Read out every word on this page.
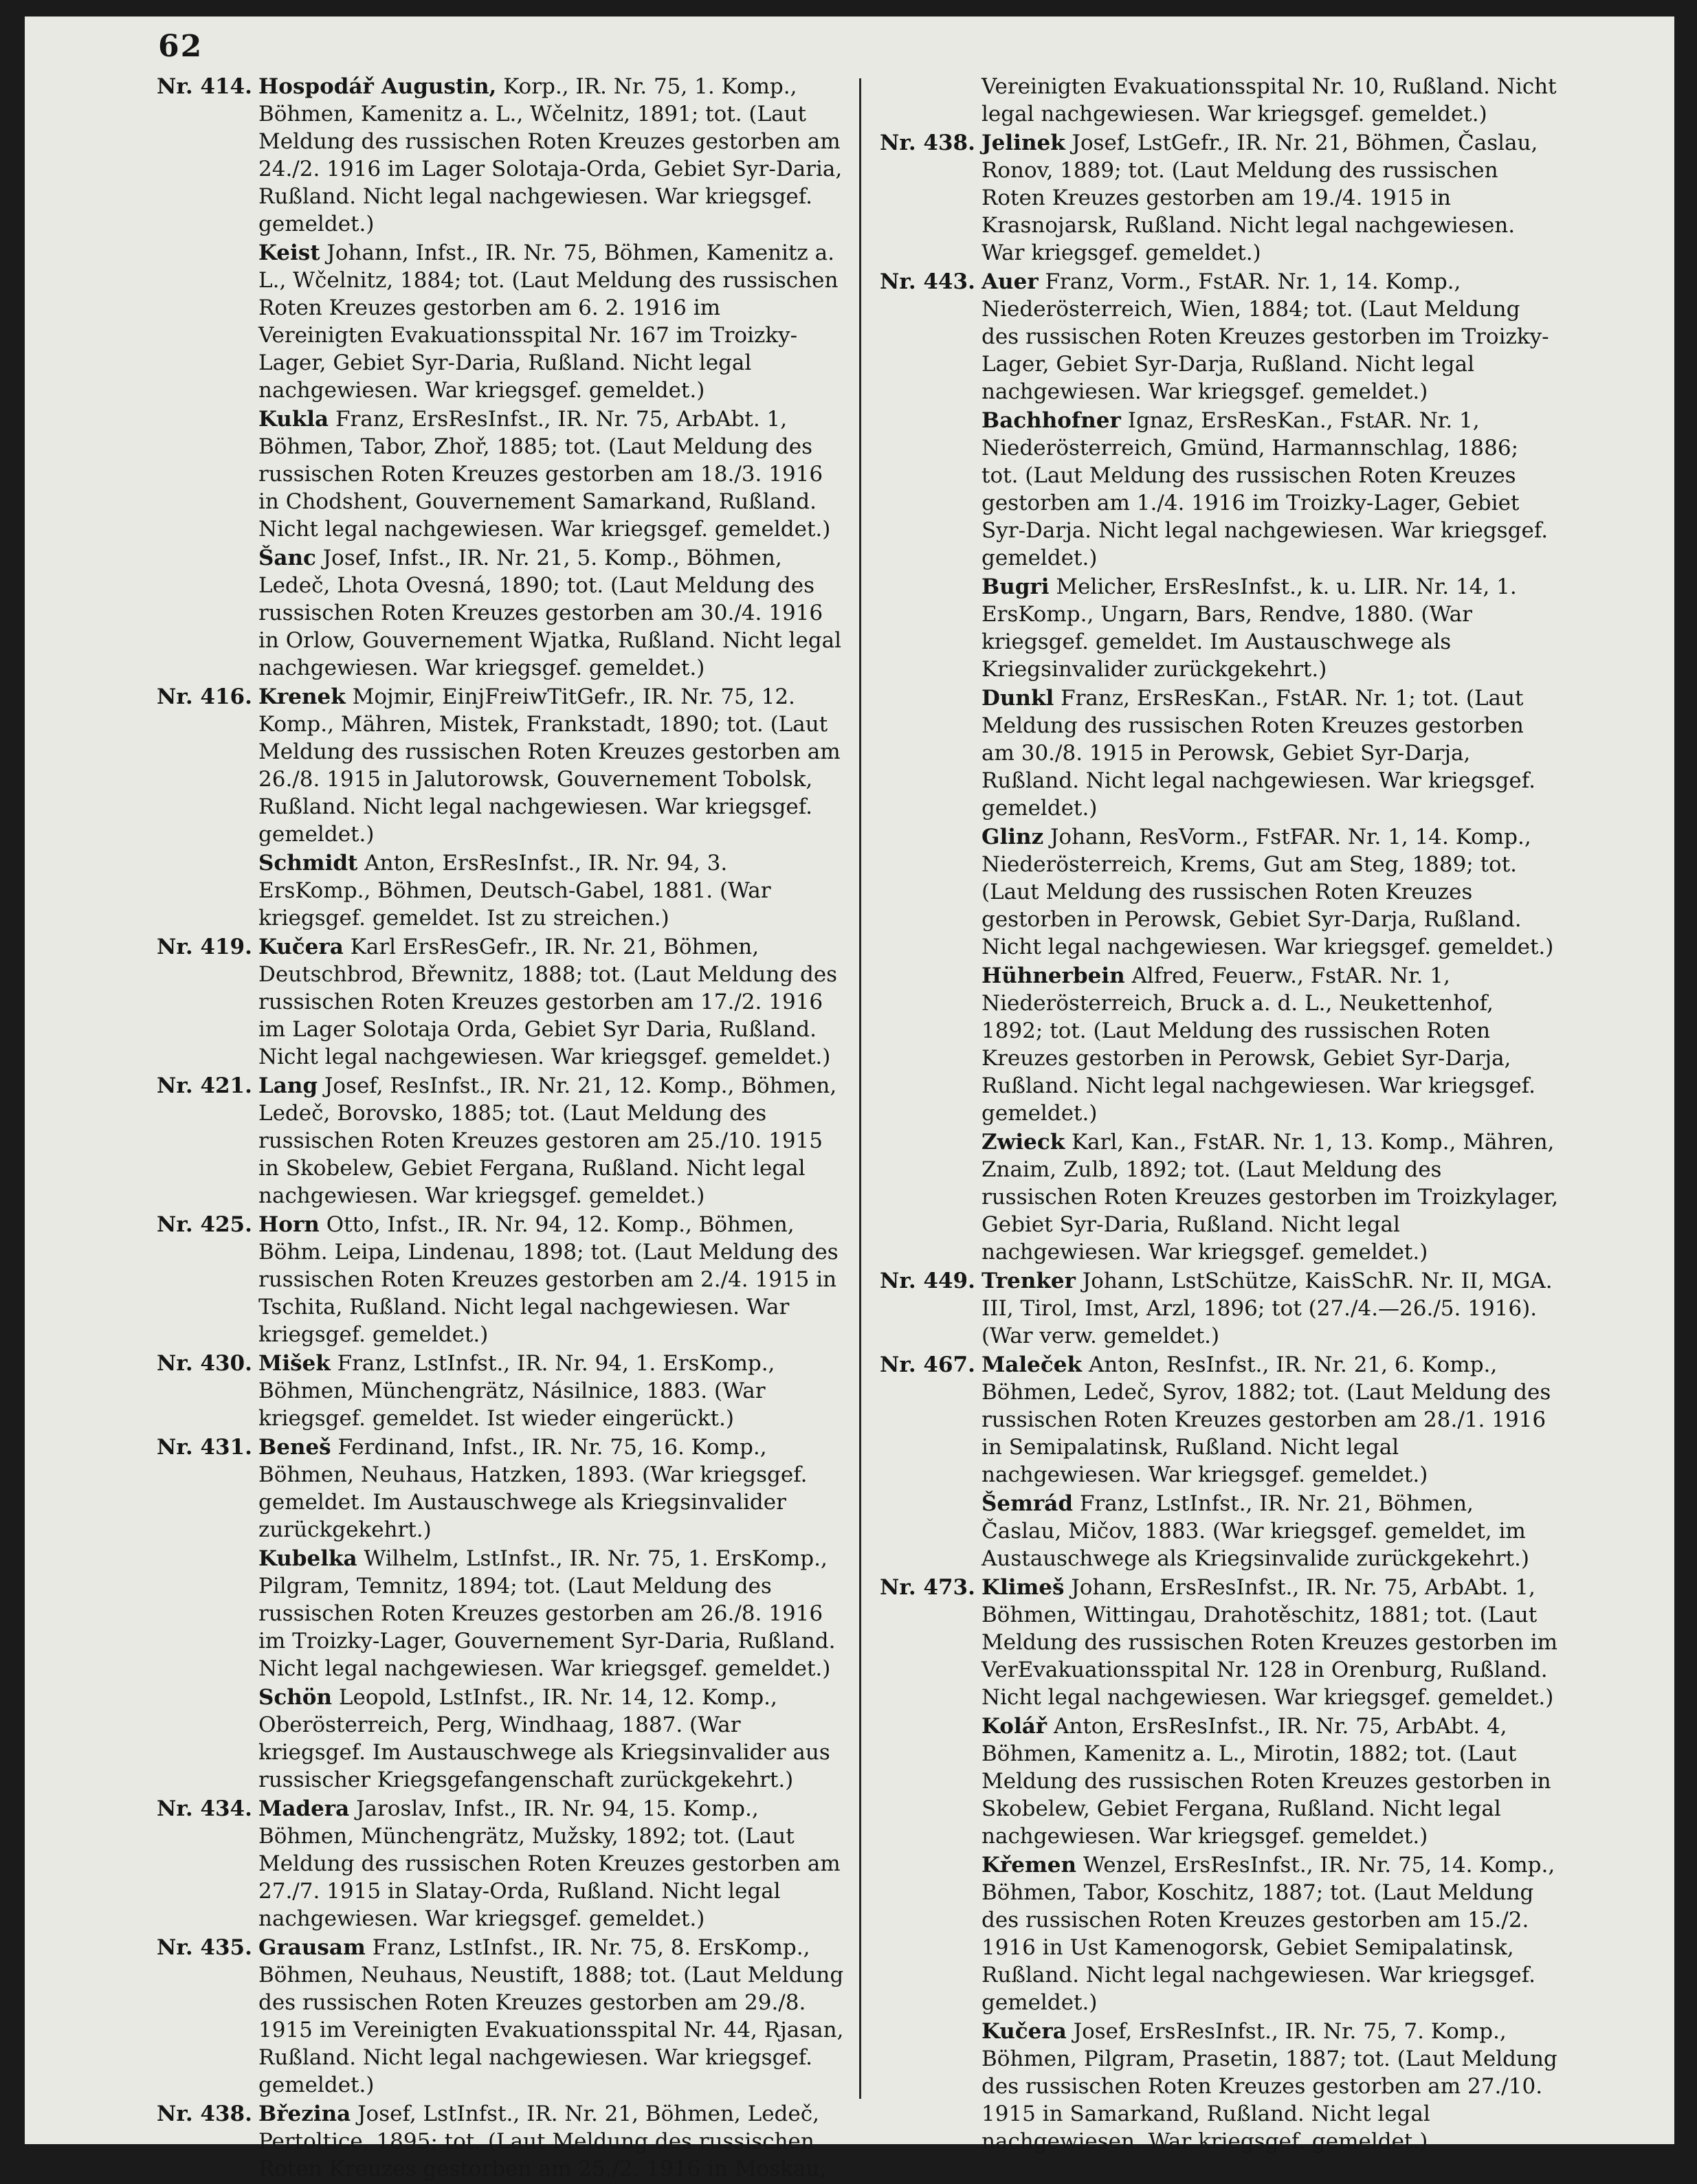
62
Nr. 414. Hospodář Augustin, Korp., IR. Nr. 75, 1. Komp., Böhmen, Kamenitz a. L., Wčelnitz, 1891; tot. (Laut Meldung des russischen Roten Kreuzes gestorben am 24./2. 1916 im Lager Solotaja-Orda, Gebiet Syr-Daria, Rußland. Nicht legal nachgewiesen. War kriegsgef. gemeldet.)
Keist Johann, Infst., IR. Nr. 75, Böhmen, Kamenitz a. L., Wčelnitz, 1884; tot. (Laut Meldung des russischen Roten Kreuzes gestorben am 6. 2. 1916 im Vereinigten Evakuationsspital Nr. 167 im Troizky-Lager, Gebiet Syr-Daria, Rußland. Nicht legal nachgewiesen. War kriegsgef. gemeldet.)
Kukla Franz, ErsResInfst., IR. Nr. 75, ArbAbt. 1, Böhmen, Tabor, Zhoř, 1885; tot. (Laut Meldung des russischen Roten Kreuzes gestorben am 18./3. 1916 in Chodshent, Gouvernement Samarkand, Rußland. Nicht legal nachgewiesen. War kriegsgef. gemeldet.)
Šanc Josef, Infst., IR. Nr. 21, 5. Komp., Böhmen, Ledeč, Lhota Ovesná, 1890; tot. (Laut Meldung des russischen Roten Kreuzes gestorben am 30./4. 1916 in Orlow, Gouvernement Wjatka, Rußland. Nicht legal nachgewiesen. War kriegsgef. gemeldet.)
Nr. 416. Krenek Mojmir, EinjFreiwTitGefr., IR. Nr. 75, 12. Komp., Mähren, Mistek, Frankstadt, 1890; tot. (Laut Meldung des russischen Roten Kreuzes gestorben am 26./8. 1915 in Jalutorowsk, Gouvernement Tobolsk, Rußland. Nicht legal nachgewiesen. War kriegsgef. gemeldet.)
Schmidt Anton, ErsResInfst., IR. Nr. 94, 3. ErsKomp., Böhmen, Deutsch-Gabel, 1881. (War kriegsgef. gemeldet. Ist zu streichen.)
Nr. 419. Kučera Karl ErsResGefr., IR. Nr. 21, Böhmen, Deutschbrod, Břewnitz, 1888; tot. (Laut Meldung des russischen Roten Kreuzes gestorben am 17./2. 1916 im Lager Solotaja Orda, Gebiet Syr Daria, Rußland. Nicht legal nachgewiesen. War kriegsgef. gemeldet.)
Nr. 421. Lang Josef, ResInfst., IR. Nr. 21, 12. Komp., Böhmen, Ledeč, Borovsko, 1885; tot. (Laut Meldung des russischen Roten Kreuzes gestoren am 25./10. 1915 in Skobelew, Gebiet Fergana, Rußland. Nicht legal nachgewiesen. War kriegsgef. gemeldet.)
Nr. 425. Horn Otto, Infst., IR. Nr. 94, 12. Komp., Böhmen, Böhm. Leipa, Lindenau, 1898; tot. (Laut Meldung des russischen Roten Kreuzes gestorben am 2./4. 1915 in Tschita, Rußland. Nicht legal nachgewiesen. War kriegsgef. gemeldet.)
Nr. 430. Mišek Franz, LstInfst., IR. Nr. 94, 1. ErsKomp., Böhmen, Münchengrätz, Násilnice, 1883. (War kriegsgef. gemeldet. Ist wieder eingerückt.)
Nr. 431. Beneš Ferdinand, Infst., IR. Nr. 75, 16. Komp., Böhmen, Neuhaus, Hatzken, 1893. (War kriegsgef. gemeldet. Im Austauschwege als Kriegsinvalider zurückgekehrt.)
Kubelka Wilhelm, LstInfst., IR. Nr. 75, 1. ErsKomp., Pilgram, Temnitz, 1894; tot. (Laut Meldung des russischen Roten Kreuzes gestorben am 26./8. 1916 im Troizky-Lager, Gouvernement Syr-Daria, Rußland. Nicht legal nachgewiesen. War kriegsgef. gemeldet.)
Schön Leopold, LstInfst., IR. Nr. 14, 12. Komp., Oberösterreich, Perg, Windhaag, 1887. (War kriegsgef. Im Austauschwege als Kriegsinvalider aus russischer Kriegsgefangenschaft zurückgekehrt.)
Nr. 434. Madera Jaroslav, Infst., IR. Nr. 94, 15. Komp., Böhmen, Münchengrätz, Mužsky, 1892; tot. (Laut Meldung des russischen Roten Kreuzes gestorben am 27./7. 1915 in Slatay-Orda, Rußland. Nicht legal nachgewiesen. War kriegsgef. gemeldet.)
Nr. 435. Grausam Franz, LstInfst., IR. Nr. 75, 8. ErsKomp., Böhmen, Neuhaus, Neustift, 1888; tot. (Laut Meldung des russischen Roten Kreuzes gestorben am 29./8. 1915 im Vereinigten Evakuationsspital Nr. 44, Rjasan, Rußland. Nicht legal nachgewiesen. War kriegsgef. gemeldet.)
Nr. 438. Březina Josef, LstInfst., IR. Nr. 21, Böhmen, Ledeč, Pertoltice, 1895; tot. (Laut Meldung des russischen Roten Kreuzes gestorben am 25./2. 1916 in Moskau,
Vereinigten Evakuationsspital Nr. 10, Rußland. Nicht legal nachgewiesen. War kriegsgef. gemeldet.)
Nr. 438. Jelinek Josef, LstGefr., IR. Nr. 21, Böhmen, Časlau, Ronov, 1889; tot. (Laut Meldung des russischen Roten Kreuzes gestorben am 19./4. 1915 in Krasnojarsk, Rußland. Nicht legal nachgewiesen. War kriegsgef. gemeldet.)
Nr. 443. Auer Franz, Vorm., FstAR. Nr. 1, 14. Komp., Niederösterreich, Wien, 1884; tot. (Laut Meldung des russischen Roten Kreuzes gestorben im Troizky-Lager, Gebiet Syr-Darja, Rußland. Nicht legal nachgewiesen. War kriegsgef. gemeldet.)
Bachhofner Ignaz, ErsResKan., FstAR. Nr. 1, Niederösterreich, Gmünd, Harmannschlag, 1886; tot. (Laut Meldung des russischen Roten Kreuzes gestorben am 1./4. 1916 im Troizky-Lager, Gebiet Syr-Darja. Nicht legal nachgewiesen. War kriegsgef. gemeldet.)
Bugri Melicher, ErsResInfst., k. u. LIR. Nr. 14, 1. ErsKomp., Ungarn, Bars, Rendve, 1880. (War kriegsgef. gemeldet. Im Austauschwege als Kriegsinvalider zurückgekehrt.)
Dunkl Franz, ErsResKan., FstAR. Nr. 1; tot. (Laut Meldung des russischen Roten Kreuzes gestorben am 30./8. 1915 in Perowsk, Gebiet Syr-Darja, Rußland. Nicht legal nachgewiesen. War kriegsgef. gemeldet.)
Glinz Johann, ResVorm., FstFAR. Nr. 1, 14. Komp., Niederösterreich, Krems, Gut am Steg, 1889; tot. (Laut Meldung des russischen Roten Kreuzes gestorben in Perowsk, Gebiet Syr-Darja, Rußland. Nicht legal nachgewiesen. War kriegsgef. gemeldet.)
Hühnerbein Alfred, Feuerw., FstAR. Nr. 1, Niederösterreich, Bruck a. d. L., Neukettenhof, 1892; tot. (Laut Meldung des russischen Roten Kreuzes gestorben in Perowsk, Gebiet Syr-Darja, Rußland. Nicht legal nachgewiesen. War kriegsgef. gemeldet.)
Zwieck Karl, Kan., FstAR. Nr. 1, 13. Komp., Mähren, Znaim, Zulb, 1892; tot. (Laut Meldung des russischen Roten Kreuzes gestorben im Troizkylager, Gebiet Syr-Daria, Rußland. Nicht legal nachgewiesen. War kriegsgef. gemeldet.)
Nr. 449. Trenker Johann, LstSchütze, KaisSchR. Nr. II, MGA. III, Tirol, Imst, Arzl, 1896; tot (27./4.—26./5. 1916). (War verw. gemeldet.)
Nr. 467. Maleček Anton, ResInfst., IR. Nr. 21, 6. Komp., Böhmen, Ledeč, Syrov, 1882; tot. (Laut Meldung des russischen Roten Kreuzes gestorben am 28./1. 1916 in Semipalatinsk, Rußland. Nicht legal nachgewiesen. War kriegsgef. gemeldet.)
Šemrád Franz, LstInfst., IR. Nr. 21, Böhmen, Časlau, Mičov, 1883. (War kriegsgef. gemeldet, im Austauschwege als Kriegsinvalide zurückgekehrt.)
Nr. 473. Klimeš Johann, ErsResInfst., IR. Nr. 75, ArbAbt. 1, Böhmen, Wittingau, Drahotěschitz, 1881; tot. (Laut Meldung des russischen Roten Kreuzes gestorben im VerEvakuationsspital Nr. 128 in Orenburg, Rußland. Nicht legal nachgewiesen. War kriegsgef. gemeldet.)
Kolář Anton, ErsResInfst., IR. Nr. 75, ArbAbt. 4, Böhmen, Kamenitz a. L., Mirotin, 1882; tot. (Laut Meldung des russischen Roten Kreuzes gestorben in Skobelew, Gebiet Fergana, Rußland. Nicht legal nachgewiesen. War kriegsgef. gemeldet.)
Křemen Wenzel, ErsResInfst., IR. Nr. 75, 14. Komp., Böhmen, Tabor, Koschitz, 1887; tot. (Laut Meldung des russischen Roten Kreuzes gestorben am 15./2. 1916 in Ust Kamenogorsk, Gebiet Semipalatinsk, Rußland. Nicht legal nachgewiesen. War kriegsgef. gemeldet.)
Kučera Josef, ErsResInfst., IR. Nr. 75, 7. Komp., Böhmen, Pilgram, Prasetin, 1887; tot. (Laut Meldung des russischen Roten Kreuzes gestorben am 27./10. 1915 in Samarkand, Rußland. Nicht legal nachgewiesen. War kriegsgef. gemeldet.)
